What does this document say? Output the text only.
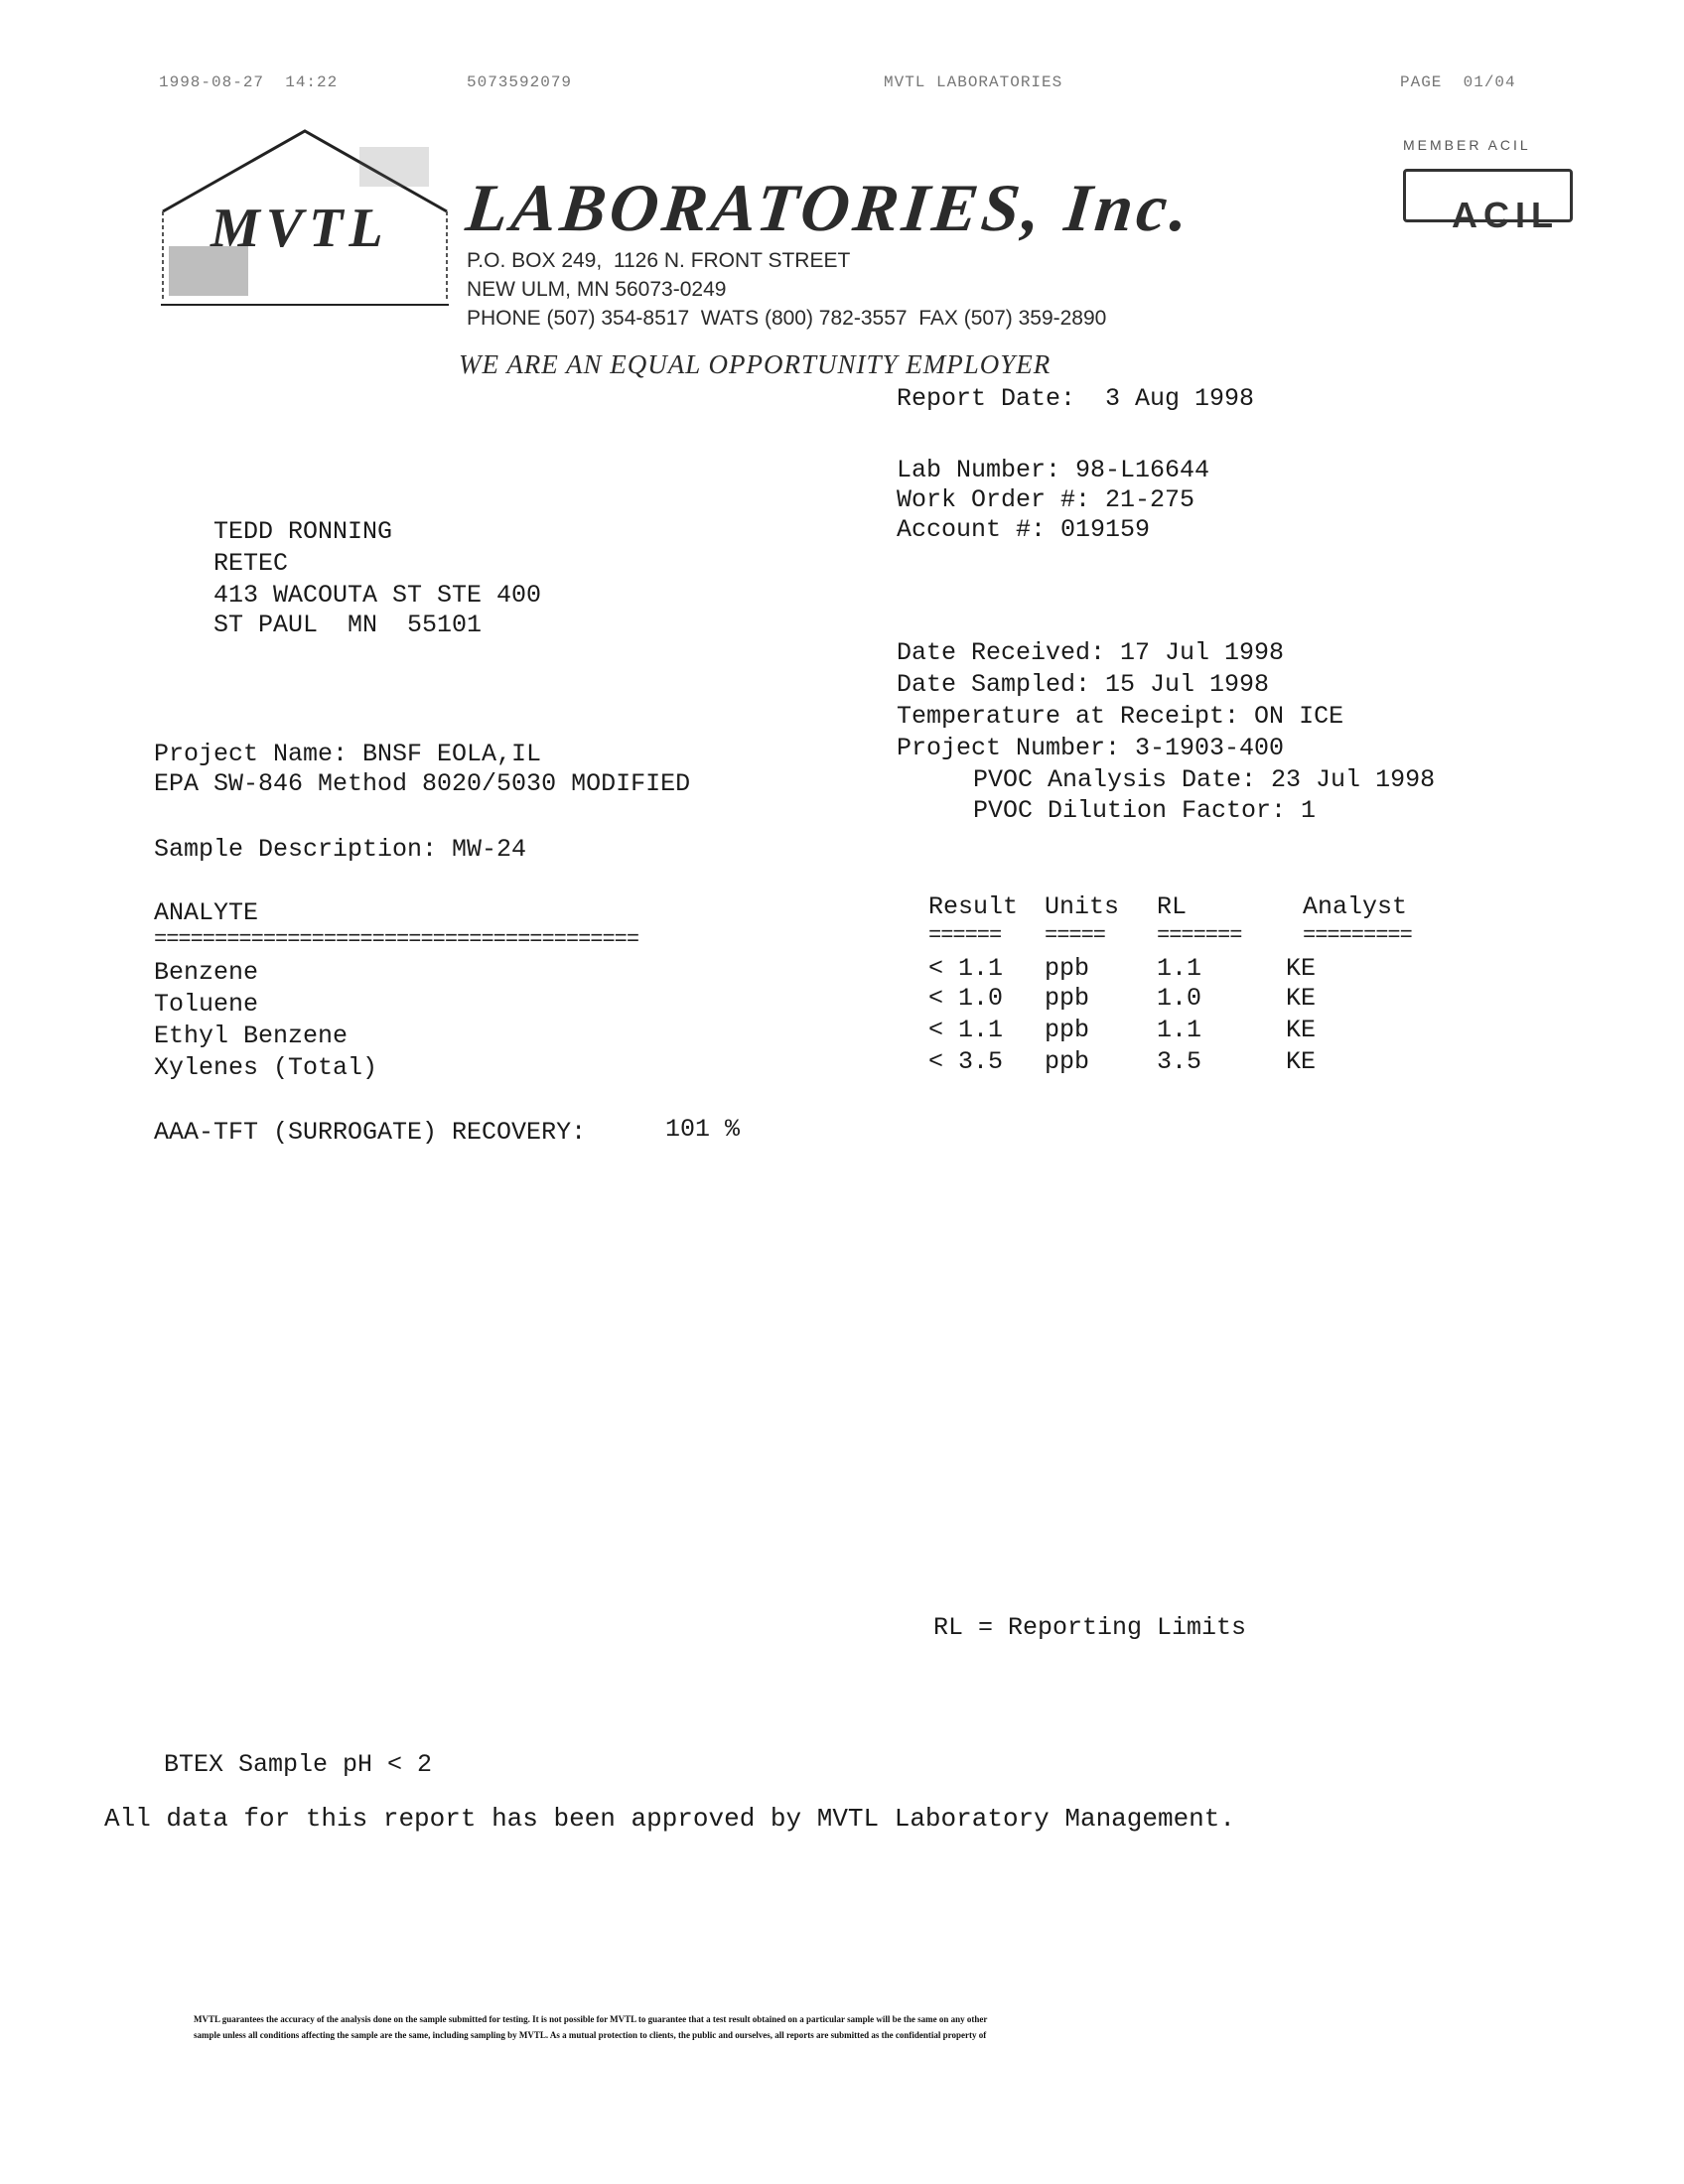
1998-08-27  14:22	5073592079	MVTL LABORATORIES	PAGE  01/04
MVTL LABORATORIES, Inc.
P.O. BOX 249,  1126 N. FRONT STREET
NEW ULM, MN 56073-0249
PHONE (507) 354-8517  WATS (800) 782-3557  FAX (507) 359-2890
WE ARE AN EQUAL OPPORTUNITY EMPLOYER

MEMBER ACIL

ACIL

Report Date:  3 Aug 1998
Lab Number: 98-L16644
Work Order #: 21-275
Account #: 019159
TEDD RONNING
RETEC
413 WACOUTA ST STE 400
ST PAUL  MN  55101
Date Received: 17 Jul 1998
Date Sampled: 15 Jul 1998
Temperature at Receipt: ON ICE
Project Number: 3-1903-400
PVOC Analysis Date: 23 Jul 1998
PVOC Dilution Factor: 1
Project Name: BNSF EOLA,IL
EPA SW-846 Method 8020/5030 MODIFIED
Sample Description: MW-24
ANALYTE
========================================
Result Units RL	Analyst
====== ===== =======	=========
Benzene	< 1.1 ppb	1.1	KE
Toluene	< 1.0 ppb	1.0	KE
Ethyl Benzene	< 1.1 ppb	1.1	KE
Xylenes (Total)	< 3.5 ppb	3.5	KE
AAA-TFT (SURROGATE) RECOVERY:	101 %
RL = Reporting Limits
BTEX Sample pH < 2
All data for this report has been approved by MVTL Laboratory Management.
MVTL guarantees the accuracy of the analysis done on the sample submitted for testing. It is not possible for MVTL to guarantee that a test result obtained on a particular sample will be the same on any other
sample unless all conditions affecting the sample are the same, including sampling by MVTL. As a mutual protection to clients, the public and ourselves, all reports are submitted as the confidential property of
